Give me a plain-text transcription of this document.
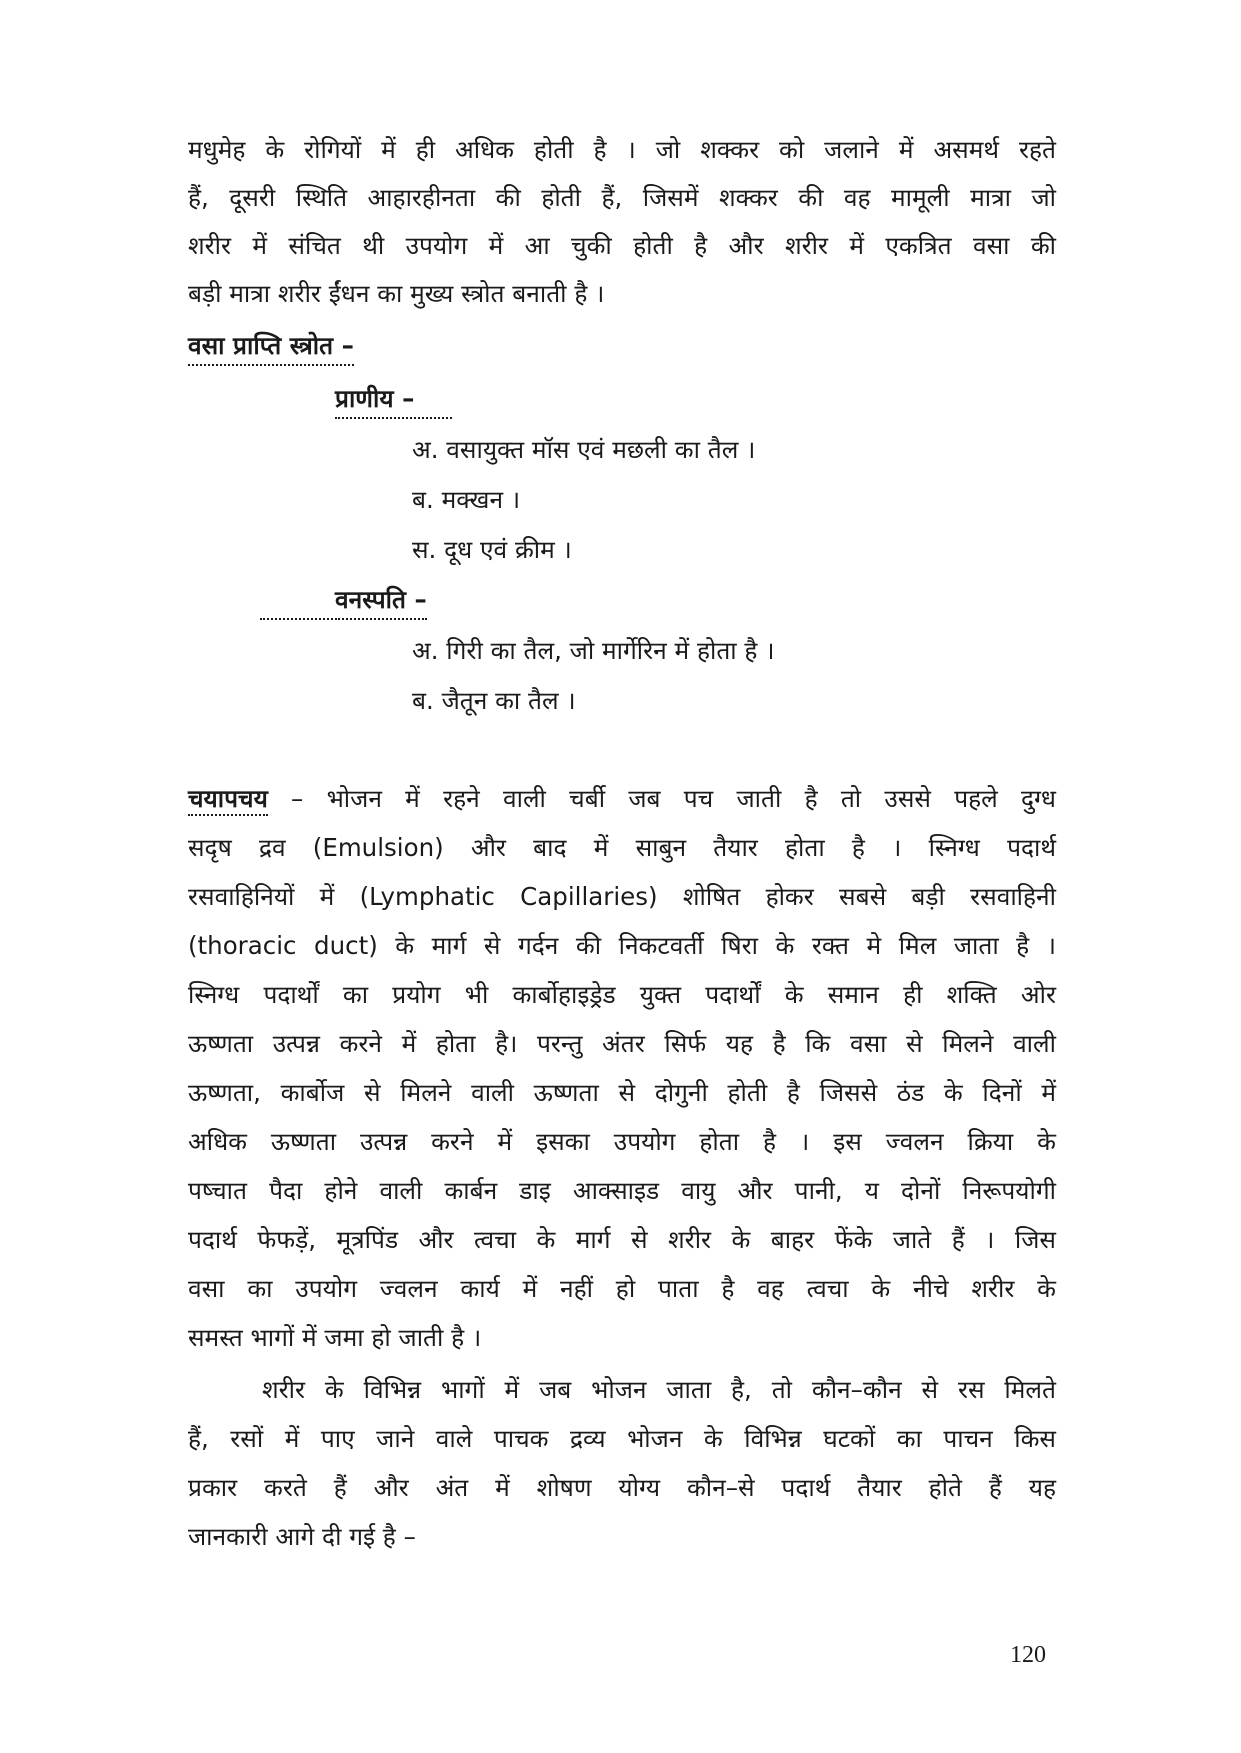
मधुमेह के रोगियों में ही अधिक होती है । जो शक्कर को जलाने में असमर्थ रहते
हैं, दूसरी स्थिति आहारहीनता की होती हैं, जिसमें शक्कर की वह मामूली मात्रा जो
शरीर में संचित थी उपयोग में आ चुकी होती है और शरीर में एकत्रित वसा की
बड़ी मात्रा शरीर ईंधन का मुख्य स्त्रोत बनाती है ।
वसा प्राप्ति स्त्रोत –
प्राणीय –
अ. वसायुक्त मॉस एवं मछली का तैल ।
ब. मक्खन ।
स. दूध एवं क्रीम ।
वनस्पति –
अ. गिरी का तैल, जो मार्गेरिन में होता है ।
ब. जैतून का तैल ।
चयापचय – भोजन में रहने वाली चर्बी जब पच जाती है तो उससे पहले दुग्ध
सदृष द्रव (Emulsion) और बाद में साबुन तैयार होता है । स्निग्ध पदार्थ
रसवाहिनियों में (Lymphatic Capillaries) शोषित होकर सबसे बड़ी रसवाहिनी
(thoracic duct) के मार्ग से गर्दन की निकटवर्ती षिरा के रक्त मे मिल जाता है ।
स्निग्ध पदार्थों का प्रयोग भी कार्बोहाइड्रेड युक्त पदार्थों के समान ही शक्ति ओर
ऊष्णता उत्पन्न करने में होता है। परन्तु अंतर सिर्फ यह है कि वसा से मिलने वाली
ऊष्णता, कार्बोज से मिलने वाली ऊष्णता से दोगुनी होती है जिससे ठंड के दिनों में
अधिक ऊष्णता उत्पन्न करने में इसका उपयोग होता है । इस ज्वलन क्रिया के
पष्चात पैदा होने वाली कार्बन डाइ आक्साइड वायु और पानी, य दोनों निरूपयोगी
पदार्थ फेफड़ें, मूत्रपिंड और त्वचा के मार्ग से शरीर के बाहर फेंके जाते हैं । जिस
वसा का उपयोग ज्वलन कार्य में नहीं हो पाता है वह त्वचा के नीचे शरीर के
समस्त भागों में जमा हो जाती है ।
शरीर के विभिन्न भागों में जब भोजन जाता है, तो कौन–कौन से रस मिलते
हैं, रसों में पाए जाने वाले पाचक द्रव्य भोजन के विभिन्न घटकों का पाचन किस
प्रकार करते हैं और अंत में शोषण योग्य कौन–से पदार्थ तैयार होते हैं यह
जानकारी आगे दी गई है –
120
